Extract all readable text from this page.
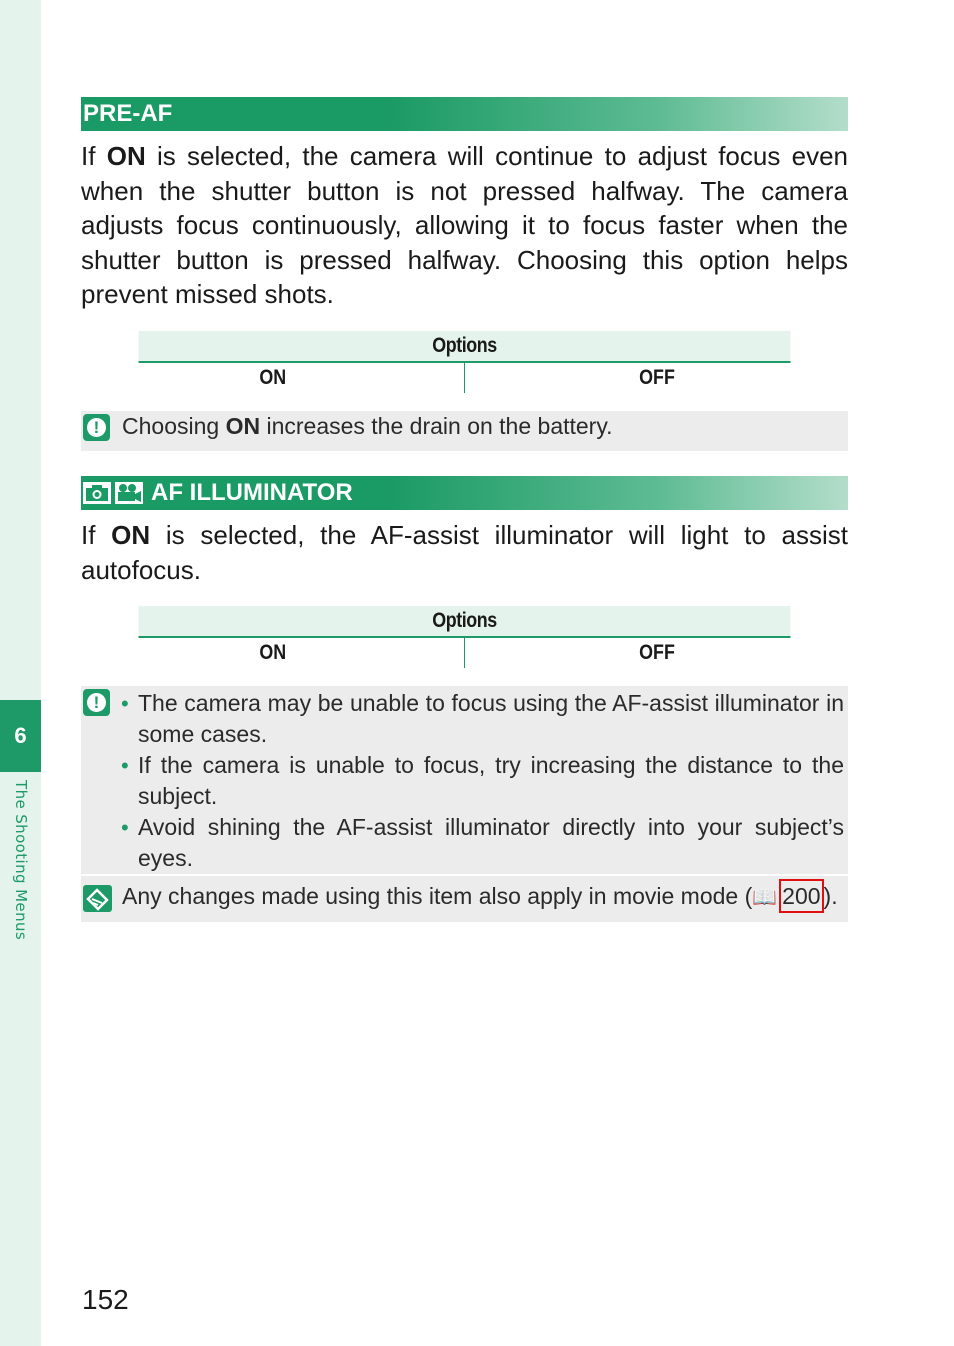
6
The Shooting Menus
PRE-AF
If ON is selected, the camera will continue to adjust focus even when the shutter button is not pressed halfway. The camera adjusts focus continuously, allowing it to focus faster when the shutter button is pressed halfway. Choosing this option helps prevent missed shots.
Options
ON	OFF
! Choosing ON increases the drain on the battery.
AF ILLUMINATOR
If ON is selected, the AF-assist illuminator will light to assist autofocus.
Options
ON	OFF
! • The camera may be unable to focus using the AF-assist illuminator in some cases.
• If the camera is unable to focus, try increasing the distance to the subject.
• Avoid shining the AF-assist illuminator directly into your subject’s eyes.
Any changes made using this item also apply in movie mode (📖 200 ).
152
